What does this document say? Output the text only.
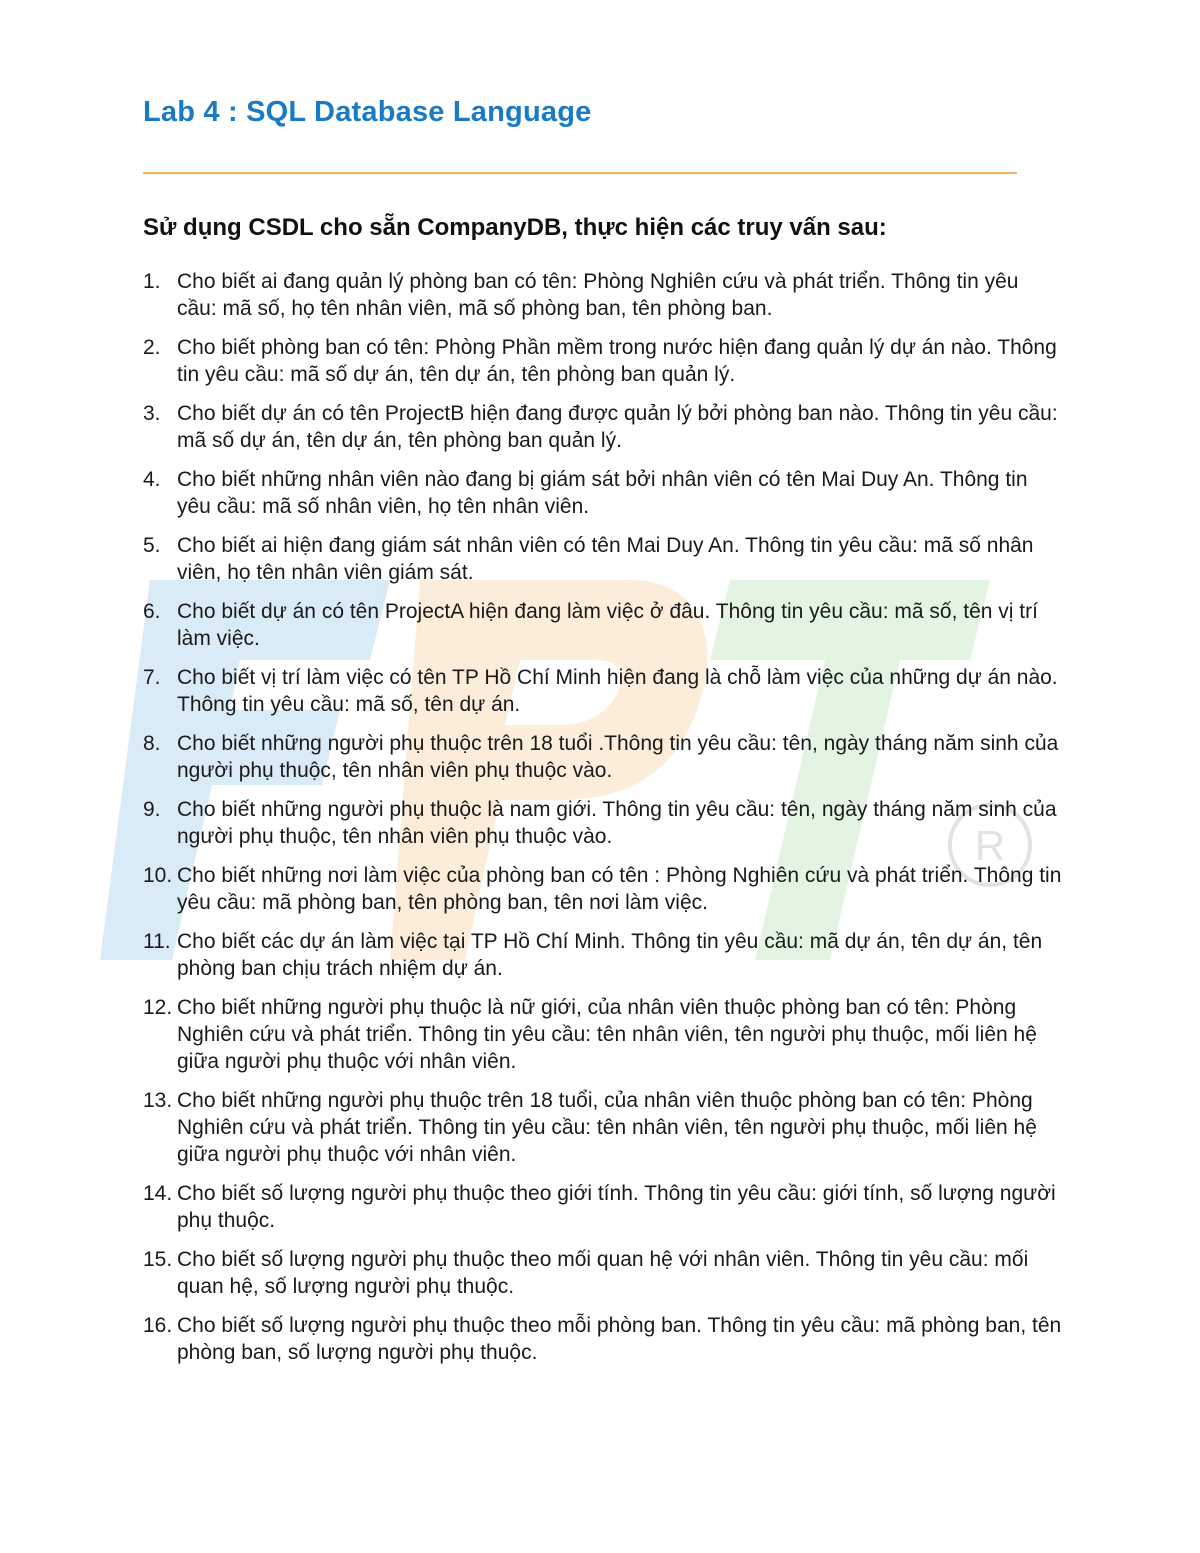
R
Lab 4 : SQL Database Language
Sử dụng CSDL cho sẵn CompanyDB, thực hiện các truy vấn sau:
1. Cho biết ai đang quản lý phòng ban có tên: Phòng Nghiên cứu và phát triển. Thông tin yêu cầu: mã số, họ tên nhân viên, mã số phòng ban, tên phòng ban.
2. Cho biết phòng ban có tên: Phòng Phần mềm trong nước hiện đang quản lý dự án nào. Thông tin yêu cầu: mã số dự án, tên dự án, tên phòng ban quản lý.
3. Cho biết dự án có tên ProjectB hiện đang được quản lý bởi phòng ban nào. Thông tin yêu cầu: mã số dự án, tên dự án, tên phòng ban quản lý.
4. Cho biết những nhân viên nào đang bị giám sát bởi nhân viên có tên Mai Duy An. Thông tin yêu cầu: mã số nhân viên, họ tên nhân viên.
5. Cho biết ai hiện đang giám sát nhân viên có tên Mai Duy An. Thông tin yêu cầu: mã số nhân viên, họ tên nhân viên giám sát.
6. Cho biết dự án có tên ProjectA hiện đang làm việc ở đâu. Thông tin yêu cầu: mã số, tên vị trí làm việc.
7. Cho biết vị trí làm việc có tên TP Hồ Chí Minh hiện đang là chỗ làm việc của những dự án nào. Thông tin yêu cầu: mã số, tên dự án.
8. Cho biết những người phụ thuộc trên 18 tuổi .Thông tin yêu cầu: tên, ngày tháng năm sinh của người phụ thuộc, tên nhân viên phụ thuộc vào.
9. Cho biết những người phụ thuộc là nam giới. Thông tin yêu cầu: tên, ngày tháng năm sinh của người phụ thuộc, tên nhân viên phụ thuộc vào.
10. Cho biết những nơi làm việc của phòng ban có tên : Phòng Nghiên cứu và phát triển. Thông tin yêu cầu: mã phòng ban, tên phòng ban, tên nơi làm việc.
11. Cho biết các dự án làm việc tại TP Hồ Chí Minh. Thông tin yêu cầu: mã dự án, tên dự án, tên phòng ban chịu trách nhiệm dự án.
12. Cho biết những người phụ thuộc là nữ giới, của nhân viên thuộc phòng ban có tên: Phòng Nghiên cứu và phát triển. Thông tin yêu cầu: tên nhân viên, tên người phụ thuộc, mối liên hệ giữa người phụ thuộc với nhân viên.
13. Cho biết những người phụ thuộc trên 18 tuổi, của nhân viên thuộc phòng ban có tên: Phòng Nghiên cứu và phát triển. Thông tin yêu cầu: tên nhân viên, tên người phụ thuộc, mối liên hệ giữa người phụ thuộc với nhân viên.
14. Cho biết số lượng người phụ thuộc theo giới tính. Thông tin yêu cầu: giới tính, số lượng người phụ thuộc.
15. Cho biết số lượng người phụ thuộc theo mối quan hệ với nhân viên. Thông tin yêu cầu: mối quan hệ, số lượng người phụ thuộc.
16. Cho biết số lượng người phụ thuộc theo mỗi phòng ban. Thông tin yêu cầu: mã phòng ban, tên phòng ban, số lượng người phụ thuộc.
